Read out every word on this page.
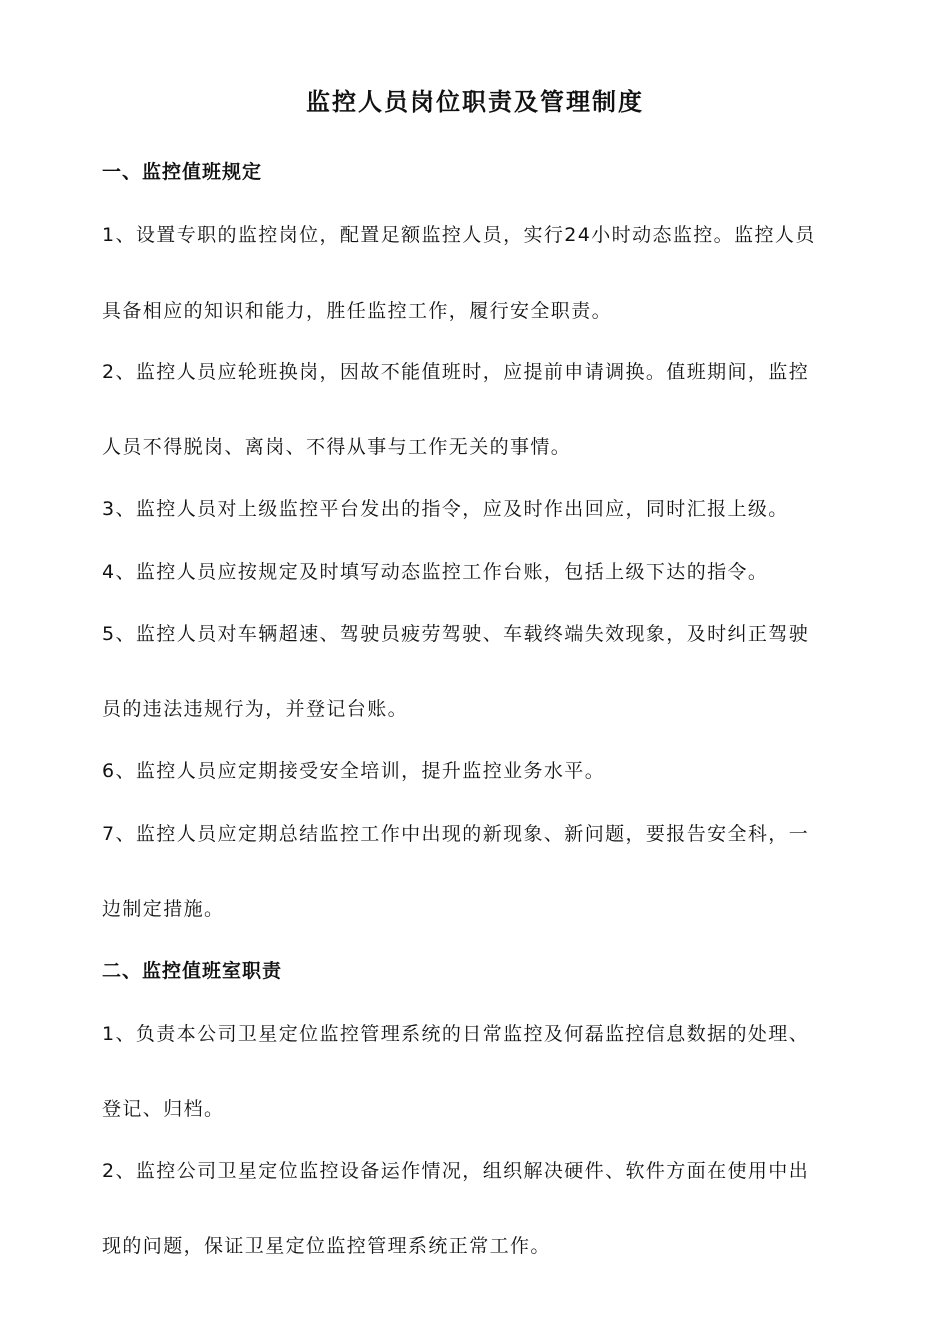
监控人员岗位职责及管理制度

一、监控值班规定

1、设置专职的监控岗位，配置足额监控人员，实行24小时动态监控。监控人员

具备相应的知识和能力，胜任监控工作，履行安全职责。

2、监控人员应轮班换岗，因故不能值班时，应提前申请调换。值班期间，监控

人员不得脱岗、离岗、不得从事与工作无关的事情。

3、监控人员对上级监控平台发出的指令，应及时作出回应，同时汇报上级。

4、监控人员应按规定及时填写动态监控工作台账，包括上级下达的指令。

5、监控人员对车辆超速、驾驶员疲劳驾驶、车载终端失效现象，及时纠正驾驶

员的违法违规行为，并登记台账。

6、监控人员应定期接受安全培训，提升监控业务水平。

7、监控人员应定期总结监控工作中出现的新现象、新问题，要报告安全科，一

边制定措施。

二、监控值班室职责

1、负责本公司卫星定位监控管理系统的日常监控及何磊监控信息数据的处理、

登记、归档。

2、监控公司卫星定位监控设备运作情况，组织解决硬件、软件方面在使用中出

现的问题，保证卫星定位监控管理系统正常工作。
